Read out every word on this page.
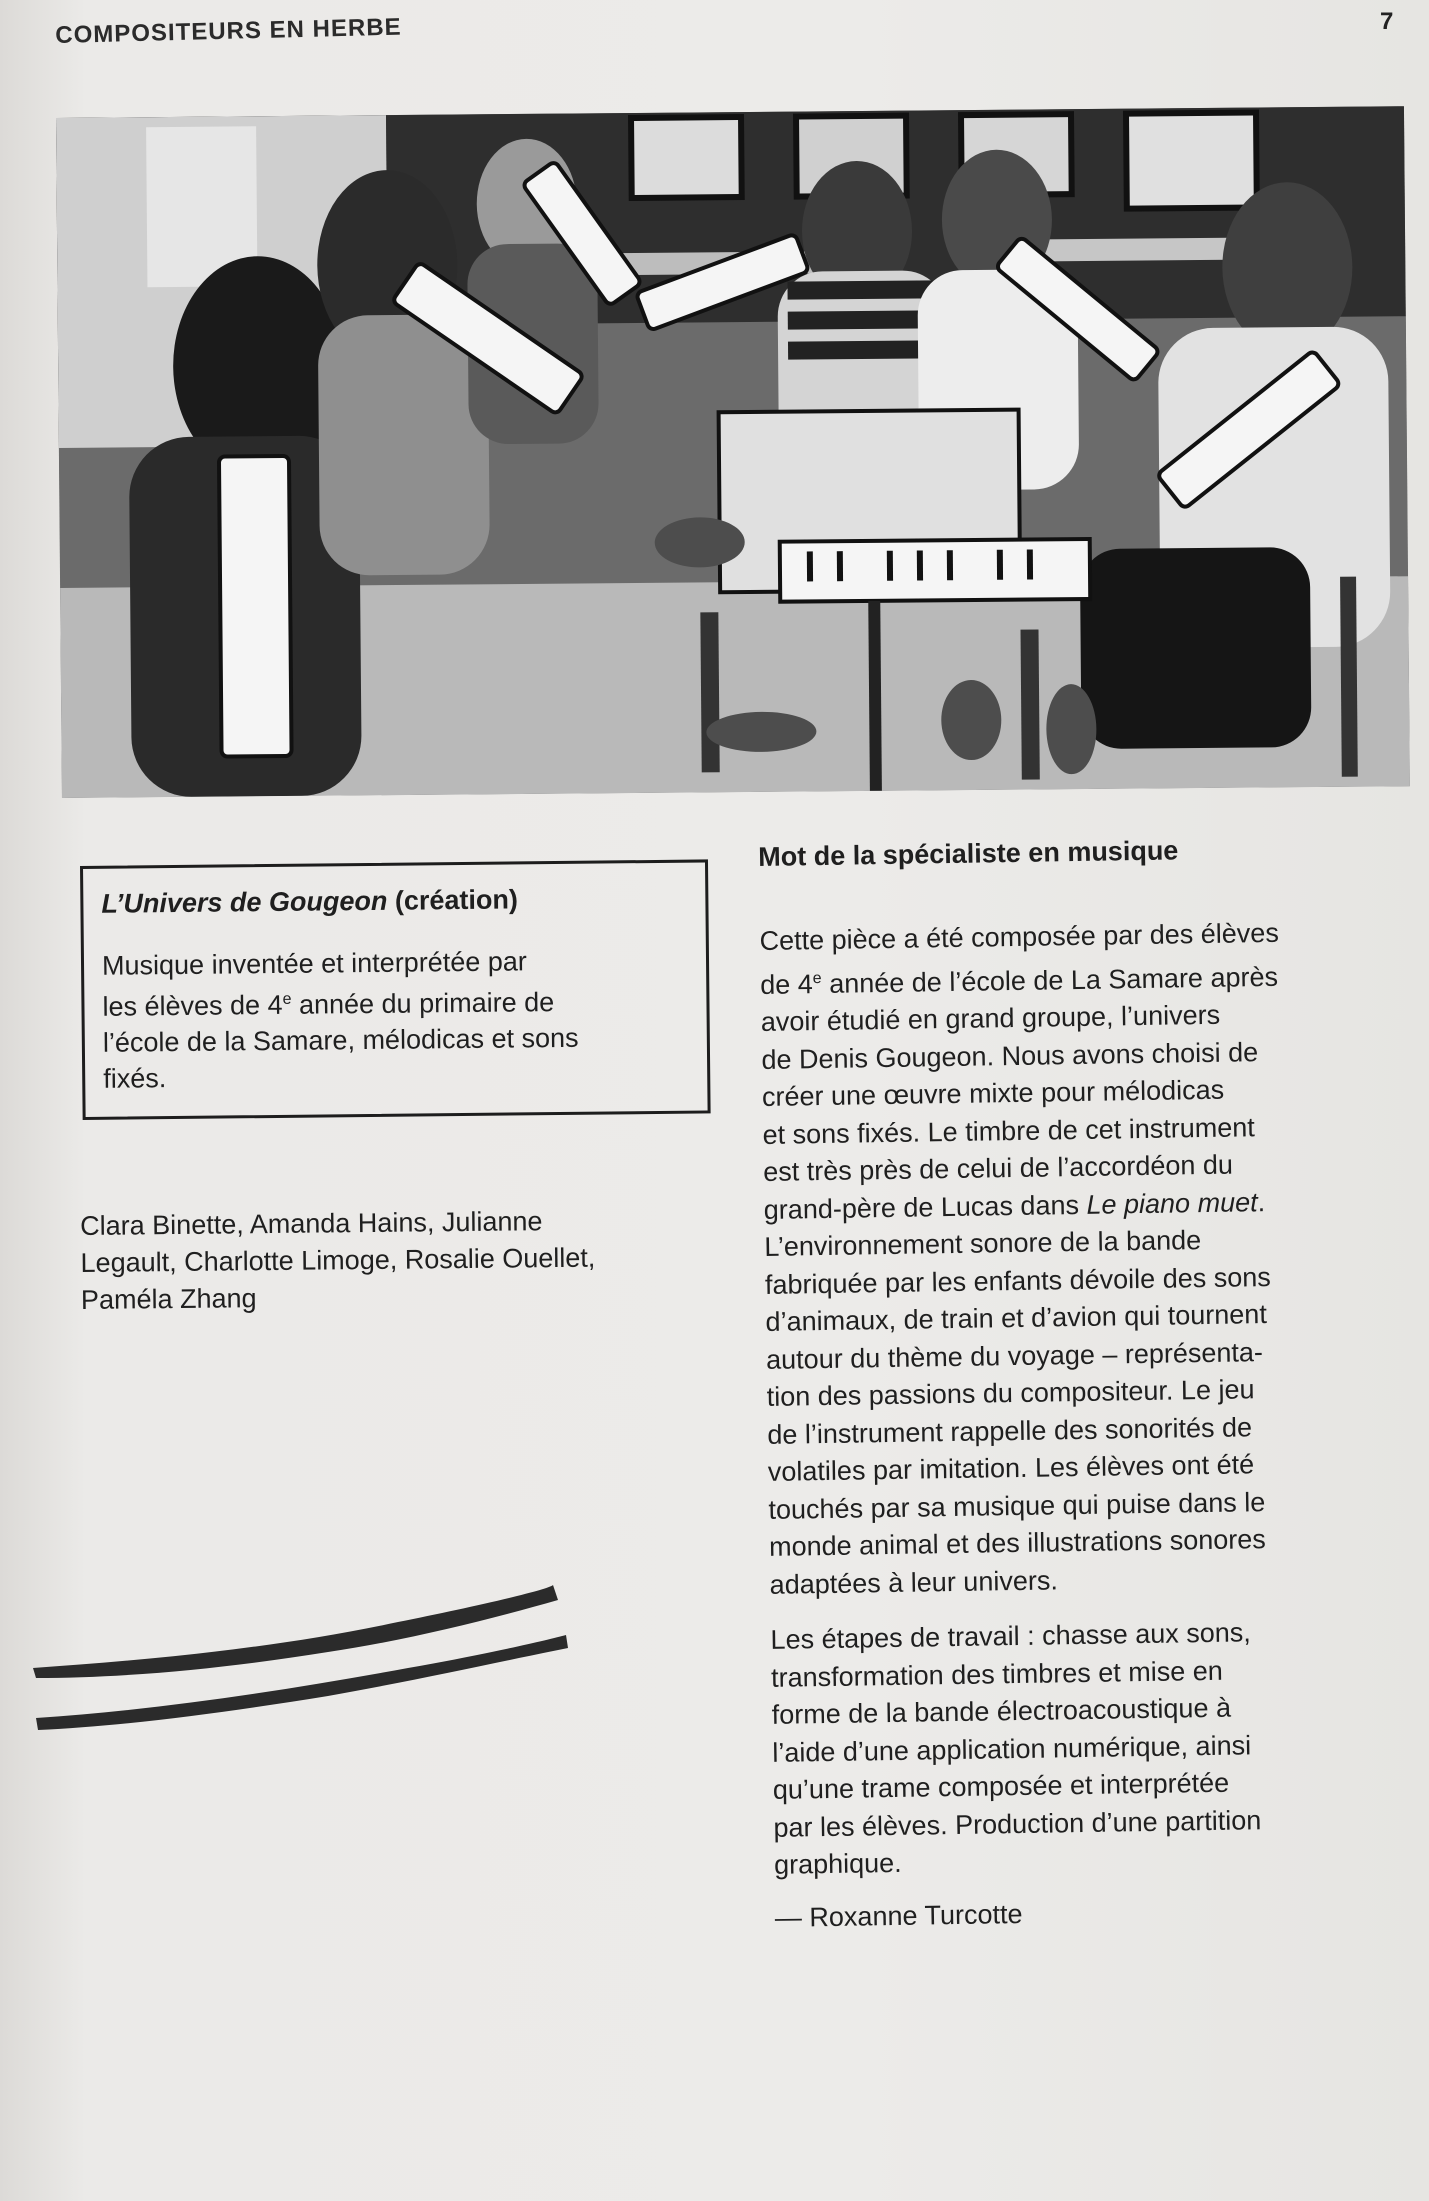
COMPOSITEURS EN HERBE	7

L’Univers de Gougeon (création)

Musique inventée et interprétée par
les élèves de 4e année du primaire de
l’école de la Samare, mélodicas et sons
fixés.

Clara Binette, Amanda Hains, Julianne
Legault, Charlotte Limoge, Rosalie Ouellet,
Paméla Zhang

Mot de la spécialiste en musique

Cette pièce a été composée par des élèves
de 4e année de l’école de La Samare après
avoir étudié en grand groupe, l’univers
de Denis Gougeon. Nous avons choisi de
créer une œuvre mixte pour mélodicas
et sons fixés. Le timbre de cet instrument
est très près de celui de l’accordéon du
grand-père de Lucas dans Le piano muet.
L’environnement sonore de la bande
fabriquée par les enfants dévoile des sons
d’animaux, de train et d’avion qui tournent
autour du thème du voyage – représenta-
tion des passions du compositeur. Le jeu
de l’instrument rappelle des sonorités de
volatiles par imitation. Les élèves ont été
touchés par sa musique qui puise dans le
monde animal et des illustrations sonores
adaptées à leur univers.

Les étapes de travail : chasse aux sons,
transformation des timbres et mise en
forme de la bande électroacoustique à
l’aide d’une application numérique, ainsi
qu’une trame composée et interprétée
par les élèves. Production d’une partition
graphique.

— Roxanne Turcotte
